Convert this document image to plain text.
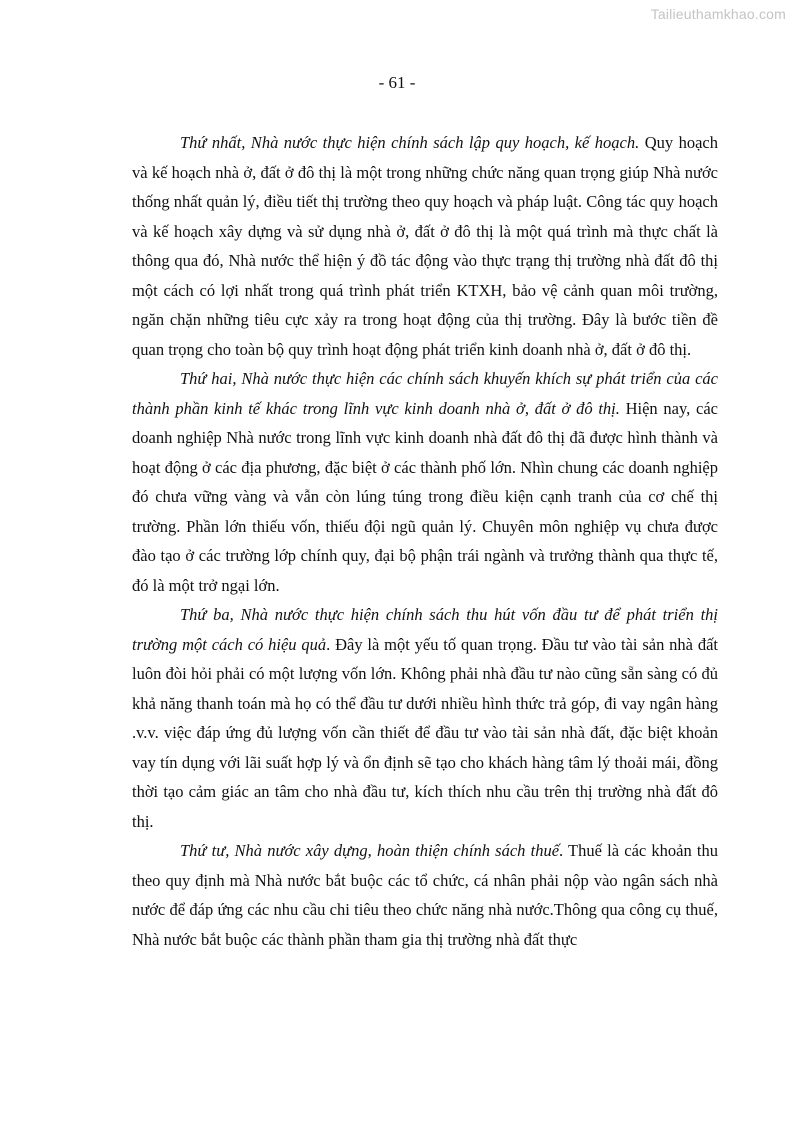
Tailieuthamkhao.com
- 61 -

Thứ nhất, Nhà nước thực hiện chính sách lập quy hoạch, kế hoạch. Quy hoạch và kế hoạch nhà ở, đất ở đô thị là một trong những chức năng quan trọng giúp Nhà nước thống nhất quản lý, điều tiết thị trường theo quy hoạch và pháp luật. Công tác quy hoạch và kế hoạch xây dựng và sử dụng nhà ở, đất ở đô thị là một quá trình mà thực chất là thông qua đó, Nhà nước thể hiện ý đồ tác động vào thực trạng thị trường nhà đất đô thị một cách có lợi nhất trong quá trình phát triển KTXH, bảo vệ cảnh quan môi trường, ngăn chặn những tiêu cực xảy ra trong hoạt động của thị trường. Đây là bước tiền đề quan trọng cho toàn bộ quy trình hoạt động phát triển kinh doanh nhà ở, đất ở đô thị.

Thứ hai, Nhà nước thực hiện các chính sách khuyến khích sự phát triển của các thành phần kinh tế khác trong lĩnh vực kinh doanh nhà ở, đất ở đô thị. Hiện nay, các doanh nghiệp Nhà nước trong lĩnh vực kinh doanh nhà đất đô thị đã được hình thành và hoạt động ở các địa phương, đặc biệt ở các thành phố lớn. Nhìn chung các doanh nghiệp đó chưa vững vàng và vẫn còn lúng túng trong điều kiện cạnh tranh của cơ chế thị trường. Phần lớn thiếu vốn, thiếu đội ngũ quản lý. Chuyên môn nghiệp vụ chưa được đào tạo ở các trường lớp chính quy, đại bộ phận trái ngành và trưởng thành qua thực tế, đó là một trở ngại lớn.

Thứ ba, Nhà nước thực hiện chính sách thu hút vốn đầu tư để phát triển thị trường một cách có hiệu quả. Đây là một yếu tố quan trọng. Đầu tư vào tài sản nhà đất luôn đòi hỏi phải có một lượng vốn lớn. Không phải nhà đầu tư nào cũng sẵn sàng có đủ khả năng thanh toán mà họ có thể đầu tư dưới nhiều hình thức trả góp, đi vay ngân hàng .v.v. việc đáp ứng đủ lượng vốn cần thiết để đầu tư vào tài sản nhà đất, đặc biệt khoản vay tín dụng với lãi suất hợp lý và ổn định sẽ tạo cho khách hàng tâm lý thoải mái, đồng thời tạo cảm giác an tâm cho nhà đầu tư, kích thích nhu cầu trên thị trường nhà đất đô thị.

Thứ tư, Nhà nước xây dựng, hoàn thiện chính sách thuế. Thuế là các khoản thu theo quy định mà Nhà nước bắt buộc các tổ chức, cá nhân phải nộp vào ngân sách nhà nước để đáp ứng các nhu cầu chi tiêu theo chức năng nhà nước.Thông qua công cụ thuế, Nhà nước bắt buộc các thành phần tham gia thị trường nhà đất thực
